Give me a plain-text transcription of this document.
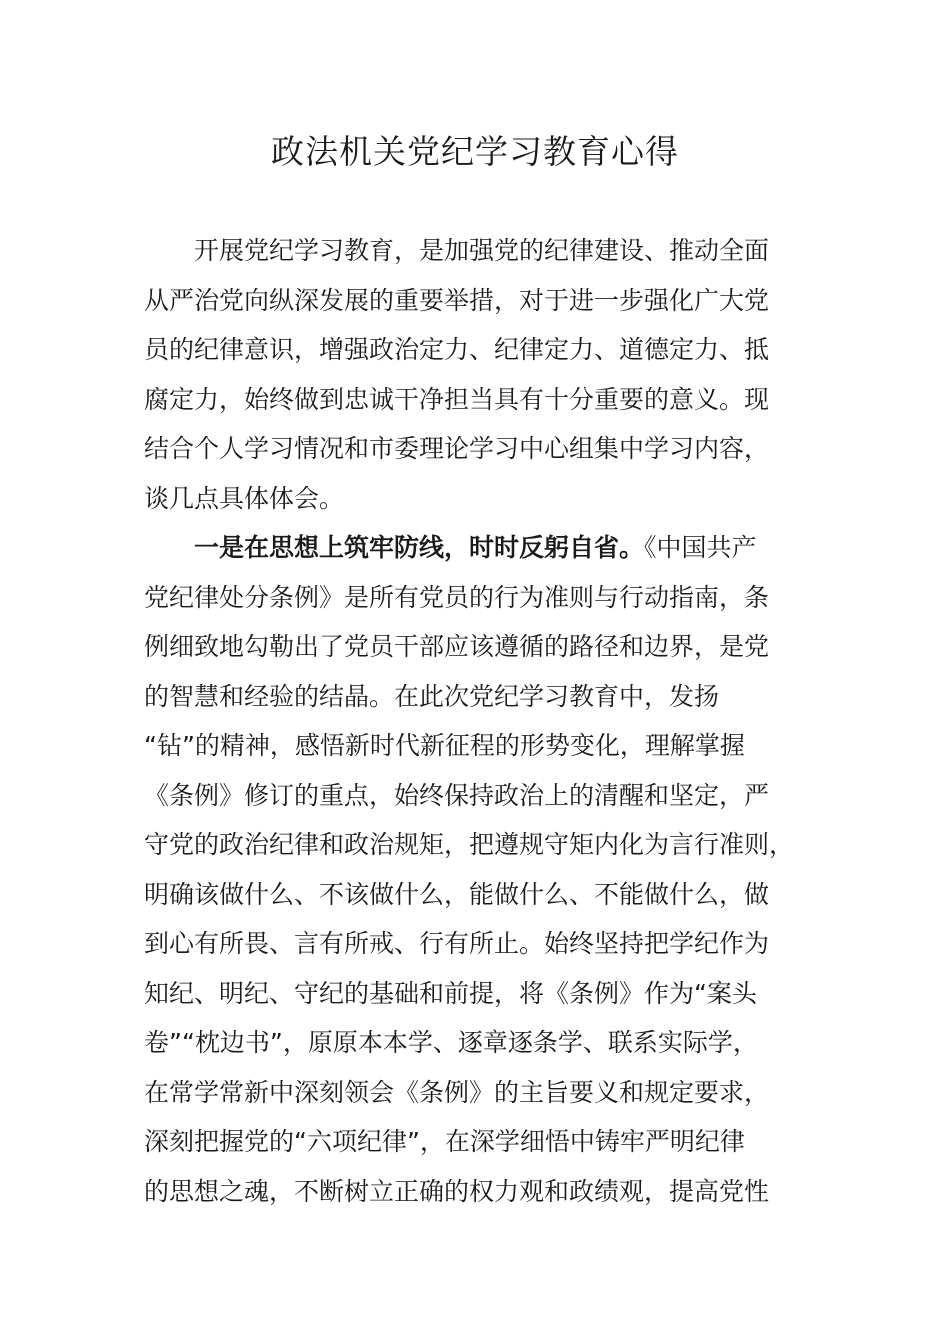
政法机关党纪学习教育心得
开展党纪学习教育，是加强党的纪律建设、推动全面
从严治党向纵深发展的重要举措，对于进一步强化广大党
员的纪律意识，增强政治定力、纪律定力、道德定力、抵
腐定力，始终做到忠诚干净担当具有十分重要的意义。现
结合个人学习情况和市委理论学习中心组集中学习内容，
谈几点具体体会。
一是在思想上筑牢防线，时时反躬自省。《中国共产
党纪律处分条例》是所有党员的行为准则与行动指南，条
例细致地勾勒出了党员干部应该遵循的路径和边界，是党
的智慧和经验的结晶。在此次党纪学习教育中，发扬
“钻”的精神，感悟新时代新征程的形势变化，理解掌握
《条例》修订的重点，始终保持政治上的清醒和坚定，严
守党的政治纪律和政治规矩，把遵规守矩内化为言行准则，
明确该做什么、不该做什么，能做什么、不能做什么，做
到心有所畏、言有所戒、行有所止。始终坚持把学纪作为
知纪、明纪、守纪的基础和前提，将《条例》作为“案头
卷”“枕边书”，原原本本学、逐章逐条学、联系实际学，
在常学常新中深刻领会《条例》的主旨要义和规定要求，
深刻把握党的“六项纪律”，在深学细悟中铸牢严明纪律
的思想之魂，不断树立正确的权力观和政绩观，提高党性
